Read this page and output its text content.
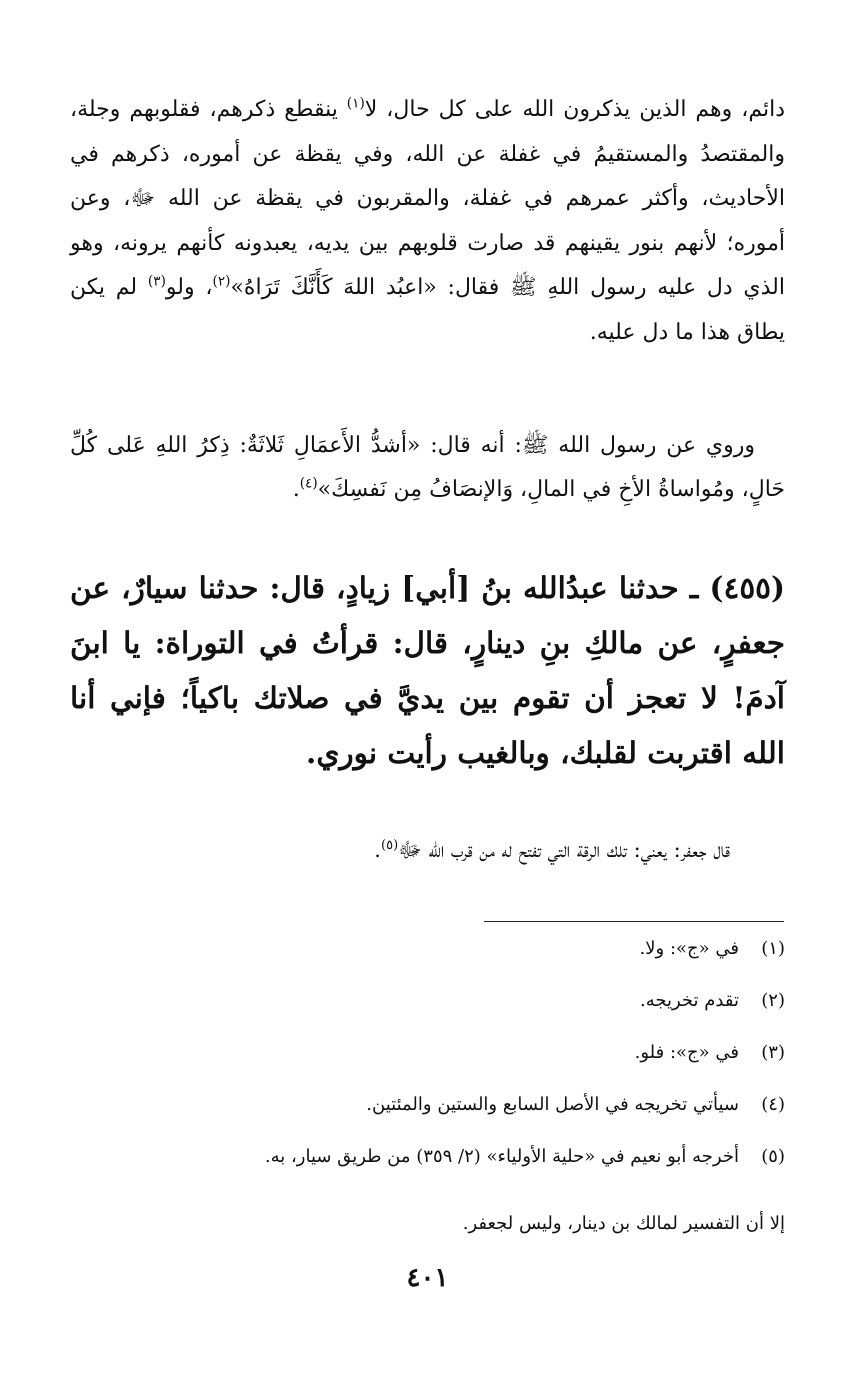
دائم، وهم الذين يذكرون الله على كل حال، لا$^{(١)}$ ينقطع ذكرهم، فقلوبهم وجلة، والمقتصدُ والمستقيمُ في غفلة عن الله، وفي يقظة عن أموره، ذكرهم في الأحاديث، وأكثر عمرهم في غفلة، والمقربون في يقظة عن الله ﷻ، وعن أموره؛ لأنهم بنور يقينهم قد صارت قلوبهم بين يديه، يعبدونه كأنهم يرونه، وهو الذي دل عليه رسول اللهِ ﷺ فقال: «اعبُد اللهَ كَأَنَّكَ تَرَاهُ»$^{(٢)}$، ولو$^{(٣)}$ لم يكن يطاق هذا ما دل عليه.

وروي عن رسول الله ﷺ: أنه قال: «أشدُّ الأَعمَالِ ثَلاثَةٌ: ذِكرُ اللهِ عَلى كُلِّ حَالٍ، ومُواساةُ الأخِ في المالِ، وَالإنصَافُ مِن نَفسِكَ»$^{(٤)}$.

(٤٥٥) ـ حدثنا عبدُالله بنُ [أبي] زيادٍ، قال: حدثنا سيارٌ، عن جعفرٍ، عن مالكِ بنِ دينارٍ، قال: قرأتُ في التوراة: يا ابنَ آدمَ! لا تعجز أن تقوم بين يديَّ في صلاتك باكياً؛ فإني أنا الله اقتربت لقلبك، وبالغيب رأيت نوري.

قال جعفر: يعني: تلك الرقة التي تفتح له من قرب الله ﷻ$^{(٥)}$.

(١)
في «ج»: ولا.
(٢)
تقدم تخريجه.
(٣)
في «ج»: فلو.
(٤)
سيأتي تخريجه في الأصل السابع والستين والمئتين.
(٥)
أخرجه أبو نعيم في «حلية الأولياء» (٢/ ٣٥٩) من طريق سيار، به.
إلا أن التفسير لمالك بن دينار، وليس لجعفر.
٤٠١
